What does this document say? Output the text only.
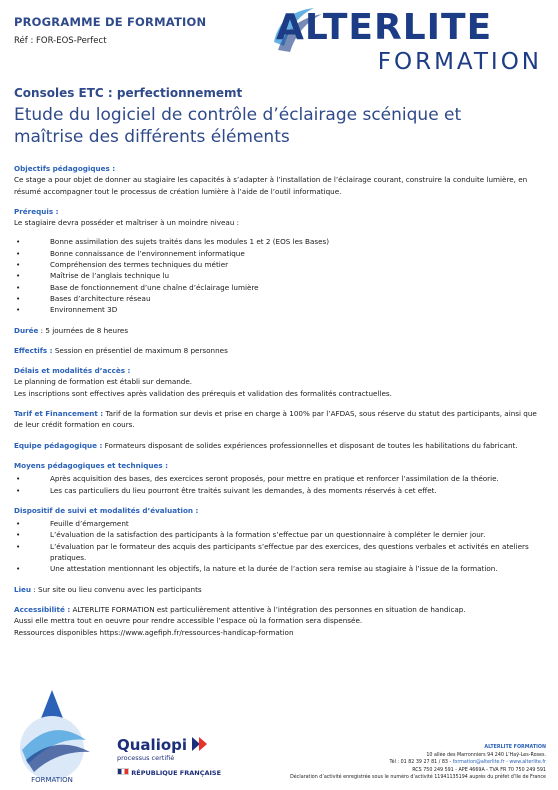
PROGRAMME DE FORMATION
Réf : FOR-EOS-Perfect	ALTERLITE
FORMATION
Consoles ETC : perfectionnememt
Etude du logiciel de contrôle d’éclairage scénique et maîtrise des différents éléments
Objectifs pédagogiques :
Ce stage a pour objet de donner au stagiaire les capacités à s’adapter à l’installation de l’éclairage courant, construire la conduite lumière, en résumé accompagner tout le processus de création lumière à l’aide de l’outil informatique.
Prérequis :
Le stagiaire devra posséder et maîtriser à un moindre niveau :
• Bonne assimilation des sujets traités dans les modules 1 et 2 (EOS les Bases)
• Bonne connaissance de l’environnement informatique
• Compréhension des termes techniques du métier
• Maîtrise de l’anglais technique lu
• Base de fonctionnement d’une chaîne d’éclairage lumière
• Bases d’architecture réseau
• Environnement 3D
Durée : 5 journées de 8 heures
Effectifs : Session en présentiel de maximum 8 personnes
Délais et modalités d’accès :
Le planning de formation est établi sur demande.
Les inscriptions sont effectives après validation des prérequis et validation des formalités contractuelles.
Tarif et Financement : Tarif de la formation sur devis et prise en charge à 100% par l’AFDAS, sous réserve du statut des participants, ainsi que de leur crédit formation en cours.
Equipe pédagogique : Formateurs disposant de solides expériences professionnelles et disposant de toutes les habilitations du fabricant.
Moyens pédagogiques et techniques :
• Après acquisition des bases, des exercices seront proposés, pour mettre en pratique et renforcer l’assimilation de la théorie.
• Les cas particuliers du lieu pourront être traités suivant les demandes, à des moments réservés à cet effet.
Dispositif de suivi et modalités d’évaluation :
• Feuille d’émargement
• L’évaluation de la satisfaction des participants à la formation s’effectue par un questionnaire à compléter le dernier jour.
• L’évaluation par le formateur des acquis des participants s’effectue par des exercices, des questions verbales et activités en ateliers pratiques.
• Une attestation mentionnant les objectifs, la nature et la durée de l’action sera remise au stagiaire à l’issue de la formation.
Lieu : Sur site ou lieu convenu avec les participants
Accessibilité : ALTERLITE FORMATION est particulièrement attentive à l’intégration des personnes en situation de handicap.
Aussi elle mettra tout en oeuvre pour rendre accessible l’espace où la formation sera dispensée.
Ressources disponibles https://www.agefiph.fr/ressources-handicap-formation
FORMATION
Qualiopi
processus certifié
RÉPUBLIQUE FRANÇAISE
ALTERLITE FORMATION
10 allée des Marronniers 94 240 L’Haÿ-Les-Roses.
Tél : 01 82 39 27 81 / 83 - formation@alterlite.fr - www.alterlite.fr
RCS 750 249 591 - APE 4669A - TVA FR 70 750 249 591
Déclaration d’activité enregistrée sous le numéro d’activité 11941135194 auprès du préfet d’Ile de France
